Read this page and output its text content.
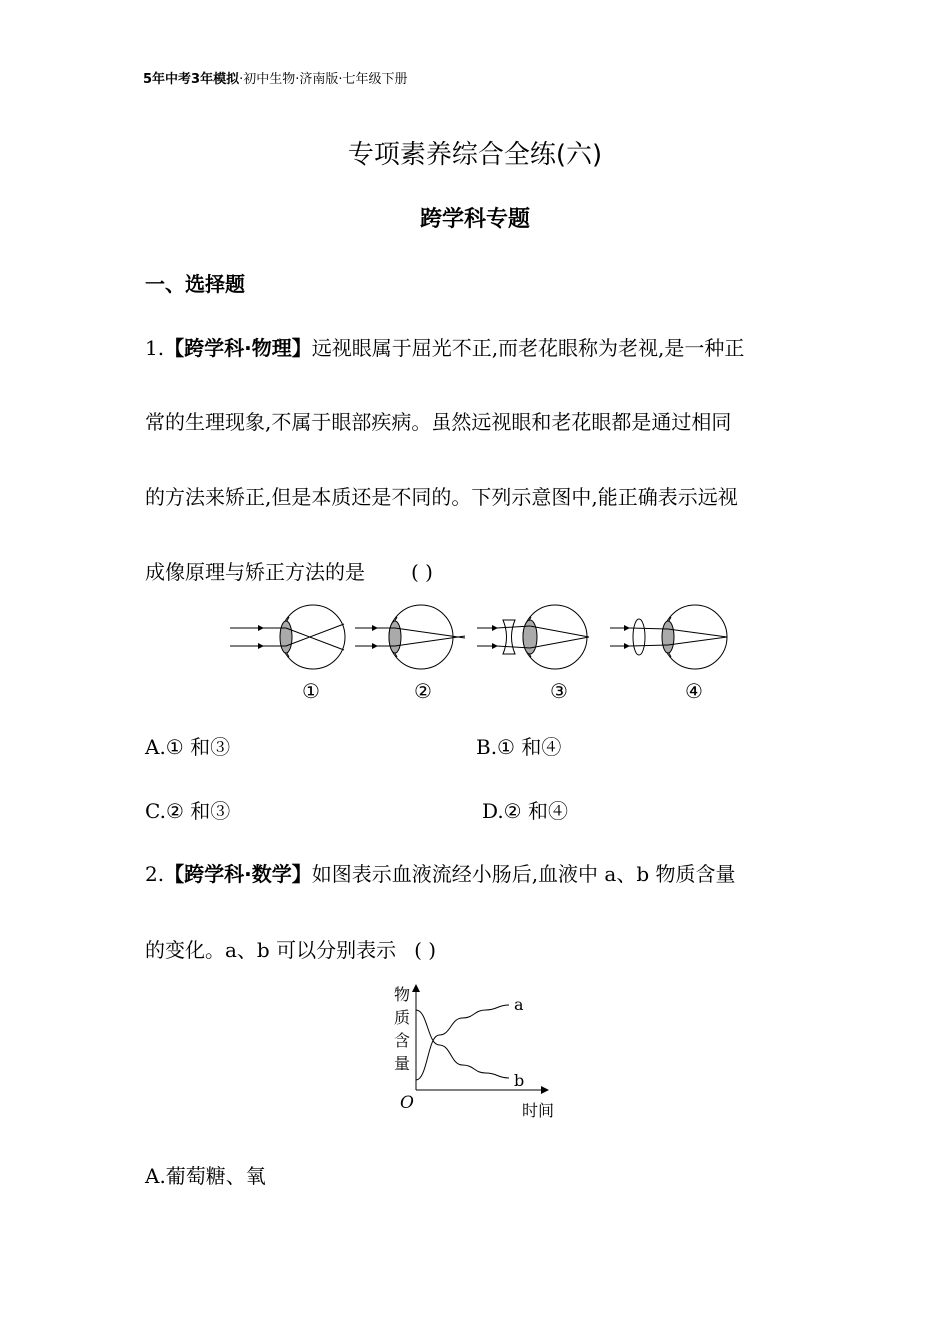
5年中考3年模拟·初中生物·济南版·七年级下册
专项素养综合全练(六)
跨学科专题
一、选择题
1.【跨学科·物理】远视眼属于屈光不正,而老花眼称为老视,是一种正
常的生理现象,不属于眼部疾病。虽然远视眼和老花眼都是通过相同
的方法来矫正,但是本质还是不同的。下列示意图中,能正确表示远视
成像原理与矫正方法的是 ( )
①	②	③	④
A.① 和③	B.① 和④
C.② 和③	D.② 和④
2.【跨学科·数学】如图表示血液流经小肠后,血液中 a、b 物质含量
的变化。a、b 可以分别表示 ( )
物
质
含
量
O	时间
a
b
A.葡萄糖、氧
